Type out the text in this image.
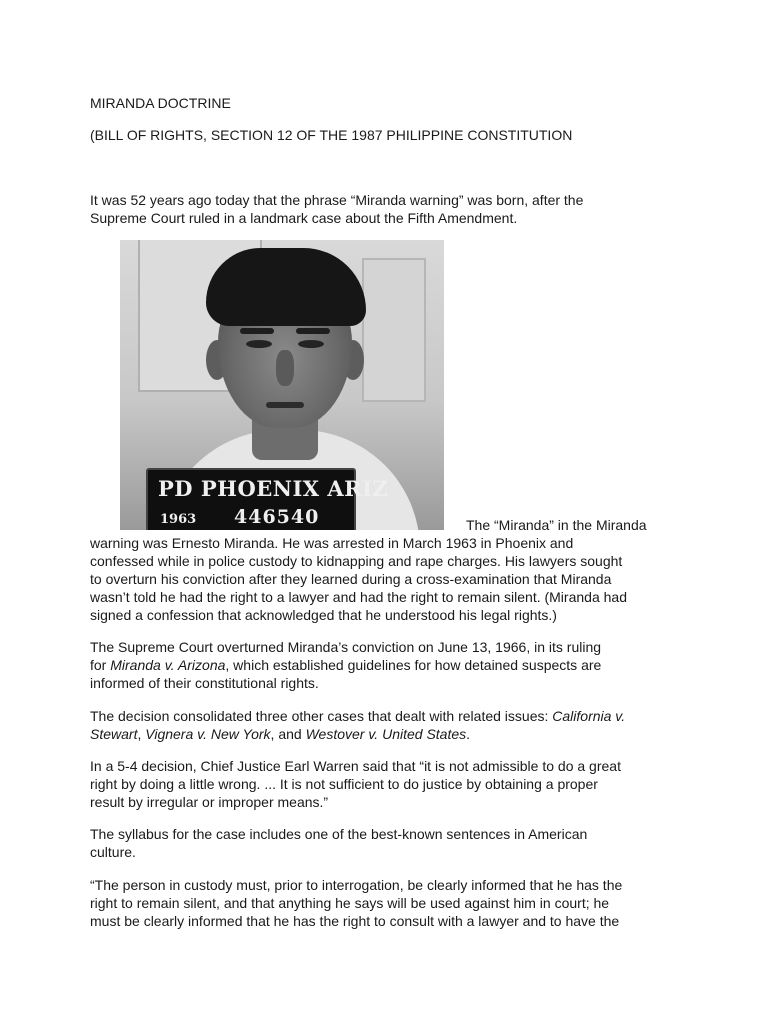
MIRANDA DOCTRINE
(BILL OF RIGHTS, SECTION 12 OF THE 1987 PHILIPPINE CONSTITUTION

It was 52 years ago today that the phrase “Miranda warning” was born, after the
Supreme Court ruled in a landmark case about the Fifth Amendment.

warning was Ernesto Miranda. He was arrested in March 1963 in Phoenix and
confessed while in police custody to kidnapping and rape charges. His lawyers sought
to overturn his conviction after they learned during a cross-examination that Miranda
wasn’t told he had the right to a lawyer and had the right to remain silent. (Miranda had
signed a confession that acknowledged that he understood his legal rights.)

The Supreme Court overturned Miranda’s conviction on June 13, 1966, in its ruling
for Miranda v. Arizona, which established guidelines for how detained suspects are
informed of their constitutional rights.

The decision consolidated three other cases that dealt with related issues: California v.
Stewart, Vignera v. New York, and Westover v. United States.

In a 5-4 decision, Chief Justice Earl Warren said that “it is not admissible to do a great
right by doing a little wrong. ... It is not sufficient to do justice by obtaining a proper
result by irregular or improper means.”

The syllabus for the case includes one of the best-known sentences in American
culture.

“The person in custody must, prior to interrogation, be clearly informed that he has the
right to remain silent, and that anything he says will be used against him in court; he
must be clearly informed that he has the right to consult with a lawyer and to have the

PD PHOENIX ARIZ
1963 446540	The “Miranda” in the Miranda
